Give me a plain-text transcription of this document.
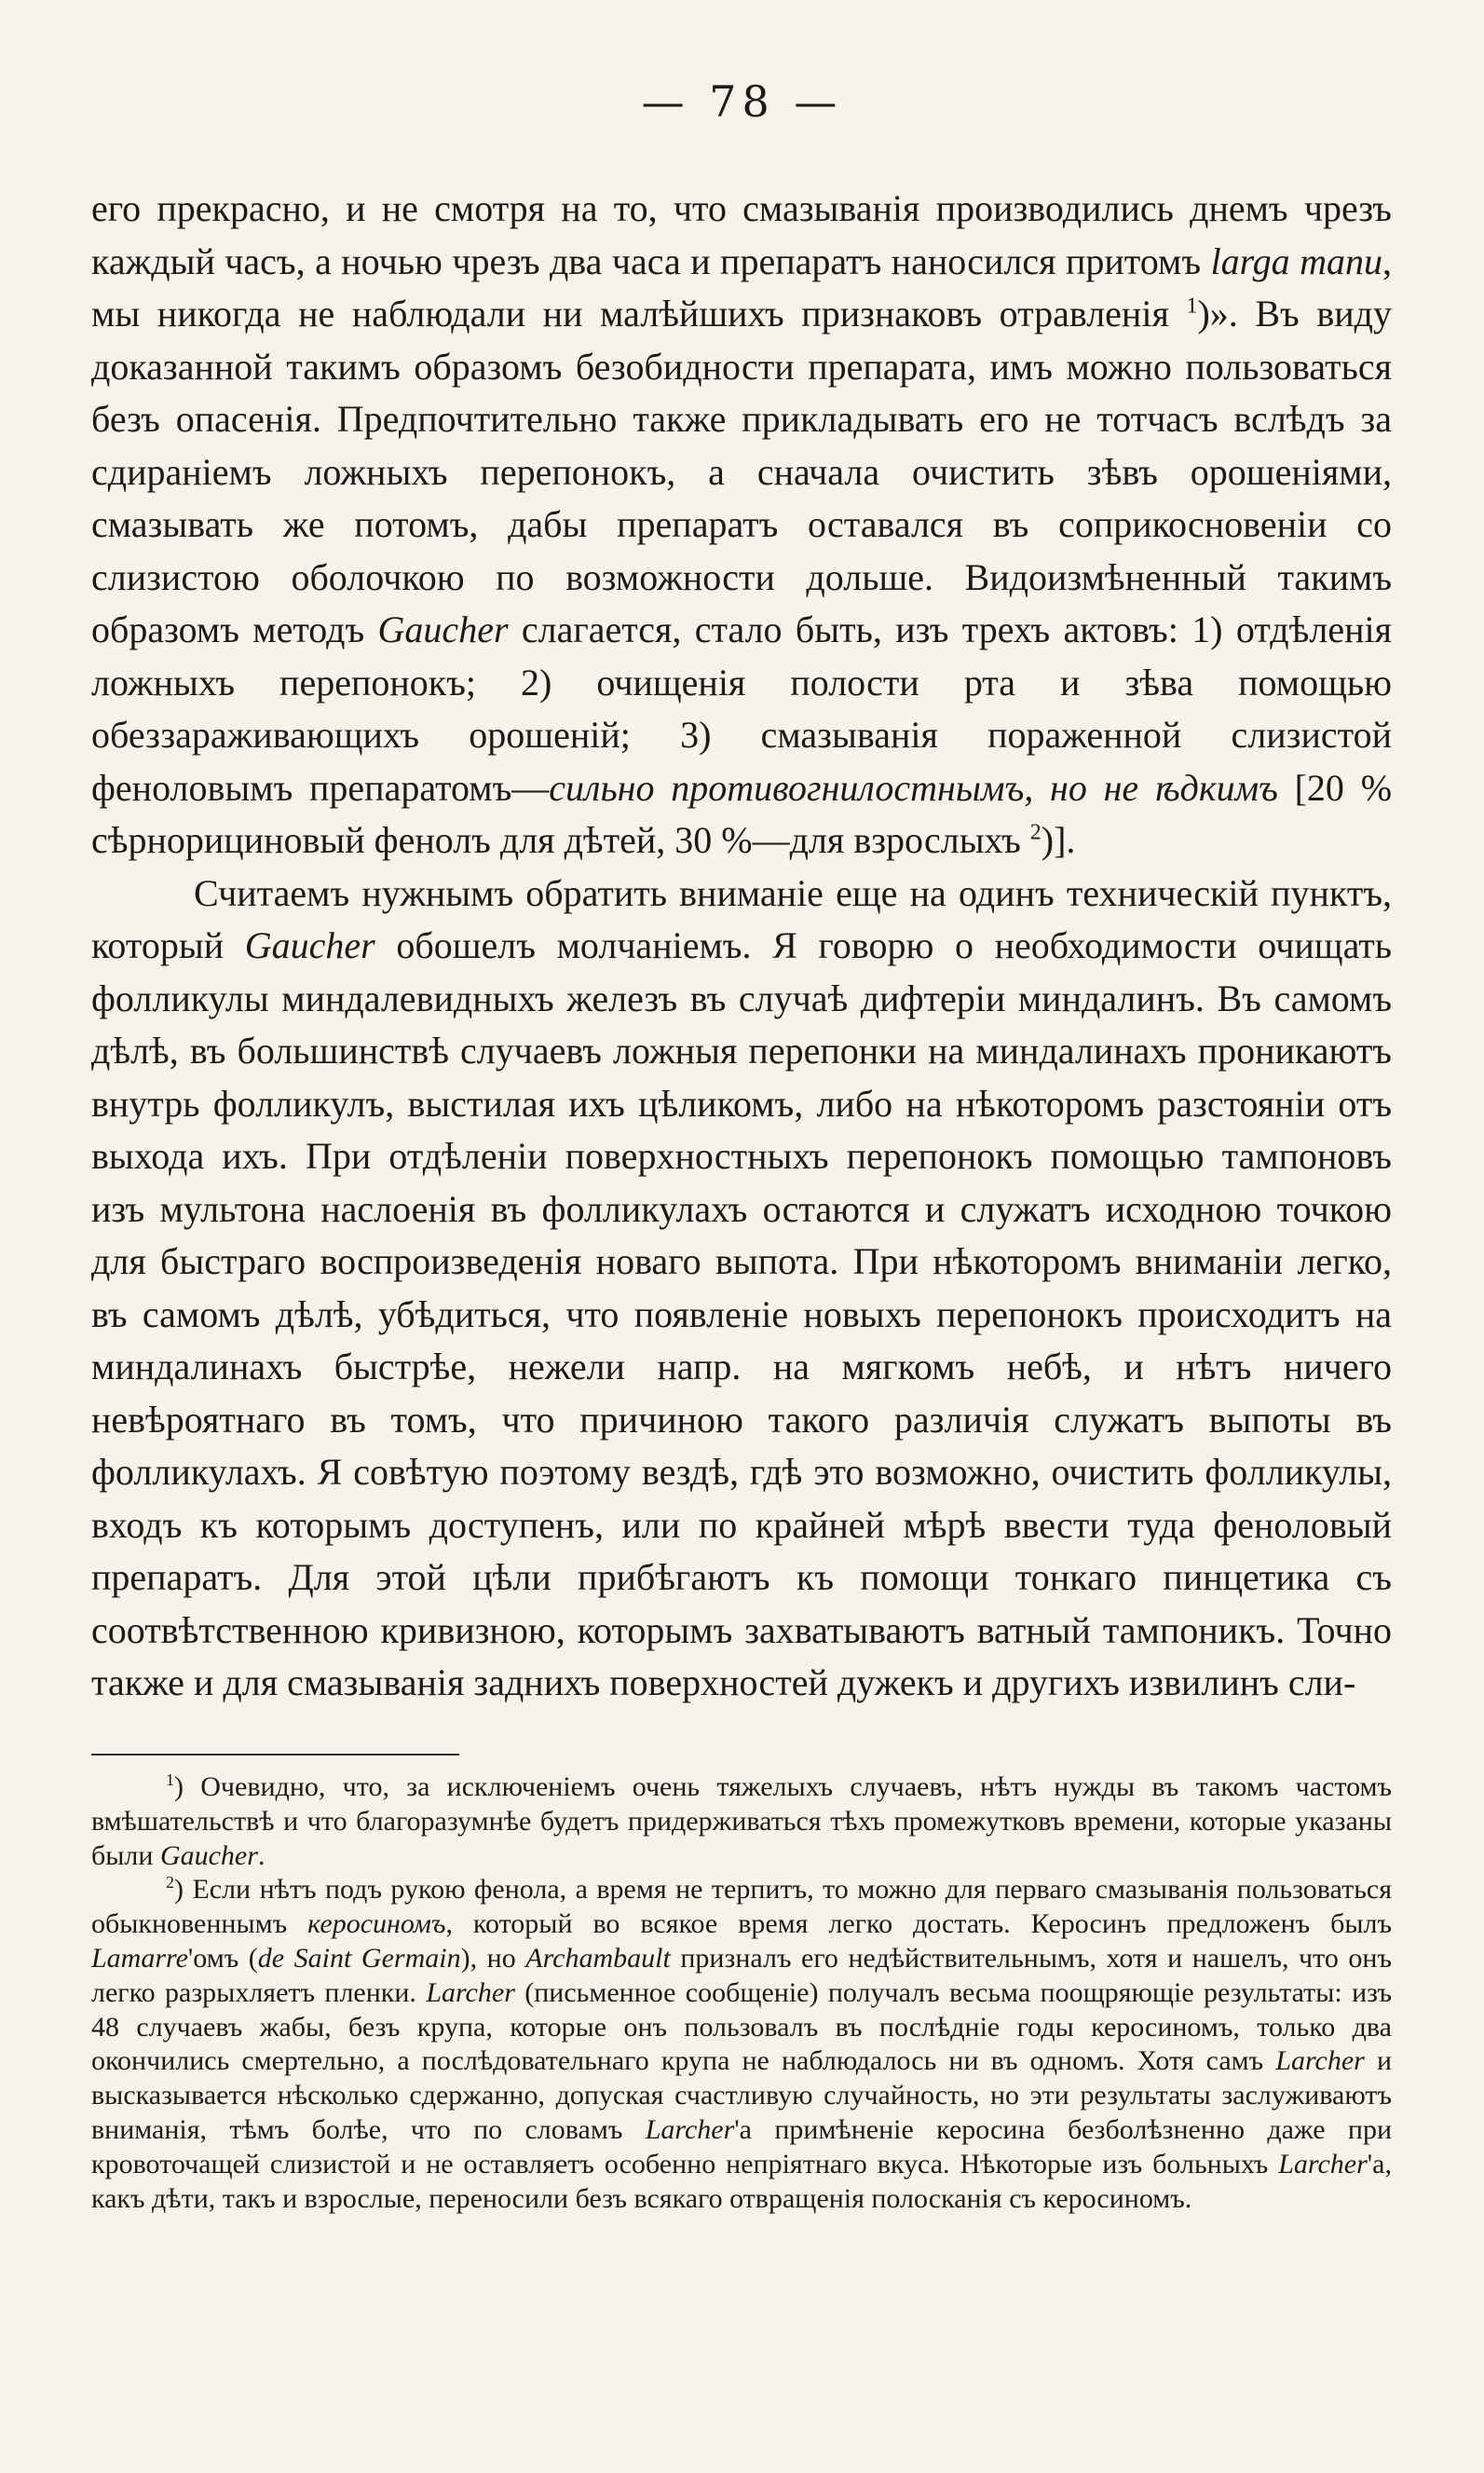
— 78 —

его прекрасно, и не смотря на то, что смазыванія производились днемъ чрезъ каждый часъ, а ночью чрезъ два часа и препаратъ наносился притомъ larga manu, мы никогда не наблюдали ни малѣйшихъ признаковъ отравленія $^1$)». Въ виду доказанной такимъ образомъ безобидности препарата, имъ можно пользоваться безъ опасенія. Предпочтительно также прикладывать его не тотчасъ вслѣдъ за сдираніемъ ложныхъ перепонокъ, а сначала очистить зѣвъ орошеніями, смазывать же потомъ, дабы препаратъ оставался въ соприкосновеніи со слизистою оболочкою по возможности дольше. Видоизмѣненный такимъ образомъ методъ Gaucher слагается, стало быть, изъ трехъ актовъ: 1) отдѣленія ложныхъ перепонокъ; 2) очищенія полости рта и зѣва помощью обеззараживающихъ орошеній; 3) смазыванія пораженной слизистой феноловымъ препаратомъ—сильно противогнилостнымъ, но не ѣдкимъ [20 % сѣрнорициновый фенолъ для дѣтей, 30 %—для взрослыхъ $^2$)].

Считаемъ нужнымъ обратить вниманіе еще на одинъ техническій пунктъ, который Gaucher обошелъ молчаніемъ. Я говорю о необходимости очищать фолликулы миндалевидныхъ железъ въ случаѣ дифтеріи миндалинъ. Въ самомъ дѣлѣ, въ большинствѣ случаевъ ложныя перепонки на миндалинахъ проникаютъ внутрь фолликулъ, выстилая ихъ цѣликомъ, либо на нѣкоторомъ разстояніи отъ выхода ихъ. При отдѣленіи поверхностныхъ перепонокъ помощью тампоновъ изъ мультона наслоенія въ фолликулахъ остаются и служатъ исходною точкою для быстраго воспроизведенія новаго выпота. При нѣкоторомъ вниманіи легко, въ самомъ дѣлѣ, убѣдиться, что появленіе новыхъ перепонокъ происходитъ на миндалинахъ быстрѣе, нежели напр. на мягкомъ небѣ, и нѣтъ ничего невѣроятнаго въ томъ, что причиною такого различія служатъ выпоты въ фолликулахъ. Я совѣтую поэтому вездѣ, гдѣ это возможно, очистить фолликулы, входъ къ которымъ доступенъ, или по крайней мѣрѣ ввести туда феноловый препаратъ. Для этой цѣли прибѣгаютъ къ помощи тонкаго пинцетика съ соотвѣтственною кривизною, которымъ захватываютъ ватный тампоникъ. Точно также и для смазыванія заднихъ поверхностей дужекъ и другихъ извилинъ сли-

$^1$) Очевидно, что, за исключеніемъ очень тяжелыхъ случаевъ, нѣтъ нужды въ такомъ частомъ вмѣшательствѣ и что благоразумнѣе будетъ придерживаться тѣхъ промежутковъ времени, которые указаны были Gaucher.

$^2$) Если нѣтъ подъ рукою фенола, а время не терпитъ, то можно для перваго смазыванія пользоваться обыкновеннымъ керосиномъ, который во всякое время легко достать. Керосинъ предложенъ былъ Lamarre'омъ (de Saint Germain), но Archambault призналъ его недѣйствительнымъ, хотя и нашелъ, что онъ легко разрыхляетъ пленки. Larcher (письменное сообщеніе) получалъ весьма поощряющіе результаты: изъ 48 случаевъ жабы, безъ крупа, которые онъ пользовалъ въ послѣдніе годы керосиномъ, только два окончились смертельно, а послѣдовательнаго крупа не наблюдалось ни въ одномъ. Хотя самъ Larcher и высказывается нѣсколько сдержанно, допуская счастливую случайность, но эти результаты заслуживаютъ вниманія, тѣмъ болѣе, что по словамъ Larcher'а примѣненіе керосина безболѣзненно даже при кровоточащей слизистой и не оставляетъ особенно непріятнаго вкуса. Нѣкоторые изъ больныхъ Larcher'а, какъ дѣти, такъ и взрослые, переносили безъ всякаго отвращенія полосканія съ керосиномъ.
